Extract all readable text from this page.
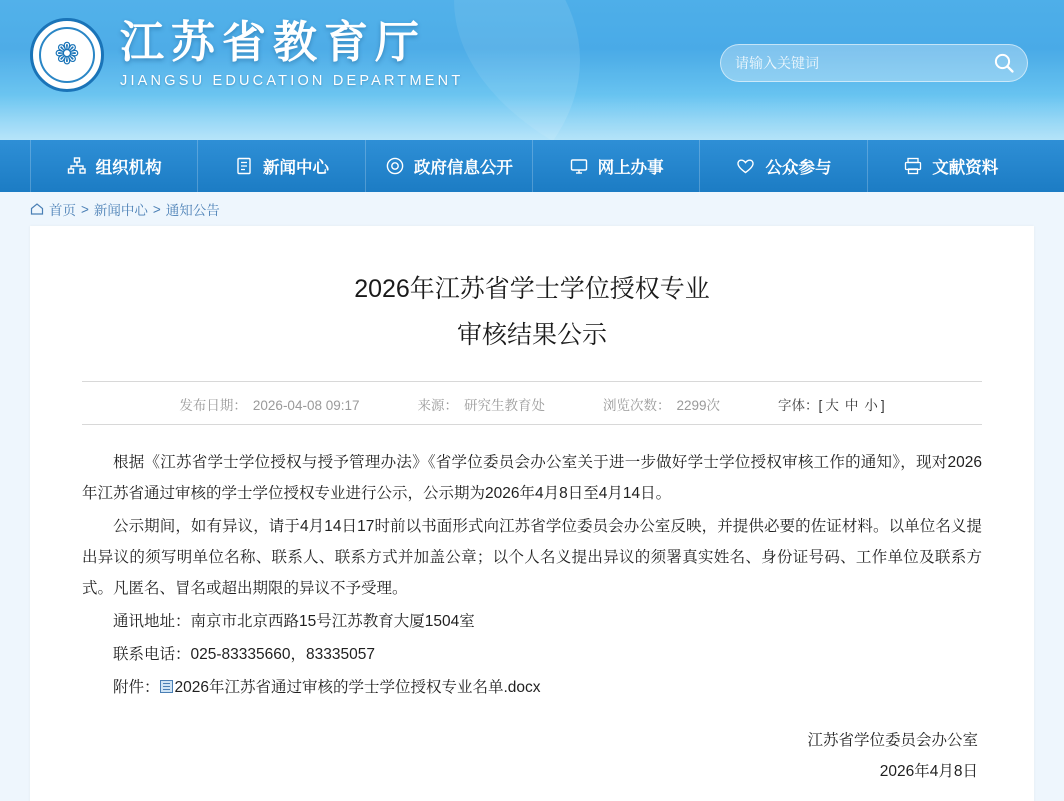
❁ 江苏省教育厅
JIANGSU EDUCATION DEPARTMENT
请输入关键词
组织机构	新闻中心	政府信息公开	网上办事	公众参与	文献资料
首页 > 新闻中心 > 通知公告
2026年江苏省学士学位授权专业
审核结果公示
发布日期： 2026-04-08 09:17	来源： 研究生教育处	浏览次数： 2299次	字体：[ 大 中 小 ]

根据《江苏省学士学位授权与授予管理办法》《省学位委员会办公室关于进一步做好学士学位授权审核工作的通知》，现对2026年江苏省通过审核的学士学位授权专业进行公示，公示期为2026年4月8日至4月14日。

公示期间，如有异议，请于4月14日17时前以书面形式向江苏省学位委员会办公室反映，并提供必要的佐证材料。以单位名义提出异议的须写明单位名称、联系人、联系方式并加盖公章；以个人名义提出异议的须署真实姓名、身份证号码、工作单位及联系方式。凡匿名、冒名或超出期限的异议不予受理。

通讯地址：南京市北京西路15号江苏教育大厦1504室

联系电话：025-83335660，83335057

附件： 2026年江苏省通过审核的学士学位授权专业名单.docx

江苏省学位委员会办公室
2026年4月8日
